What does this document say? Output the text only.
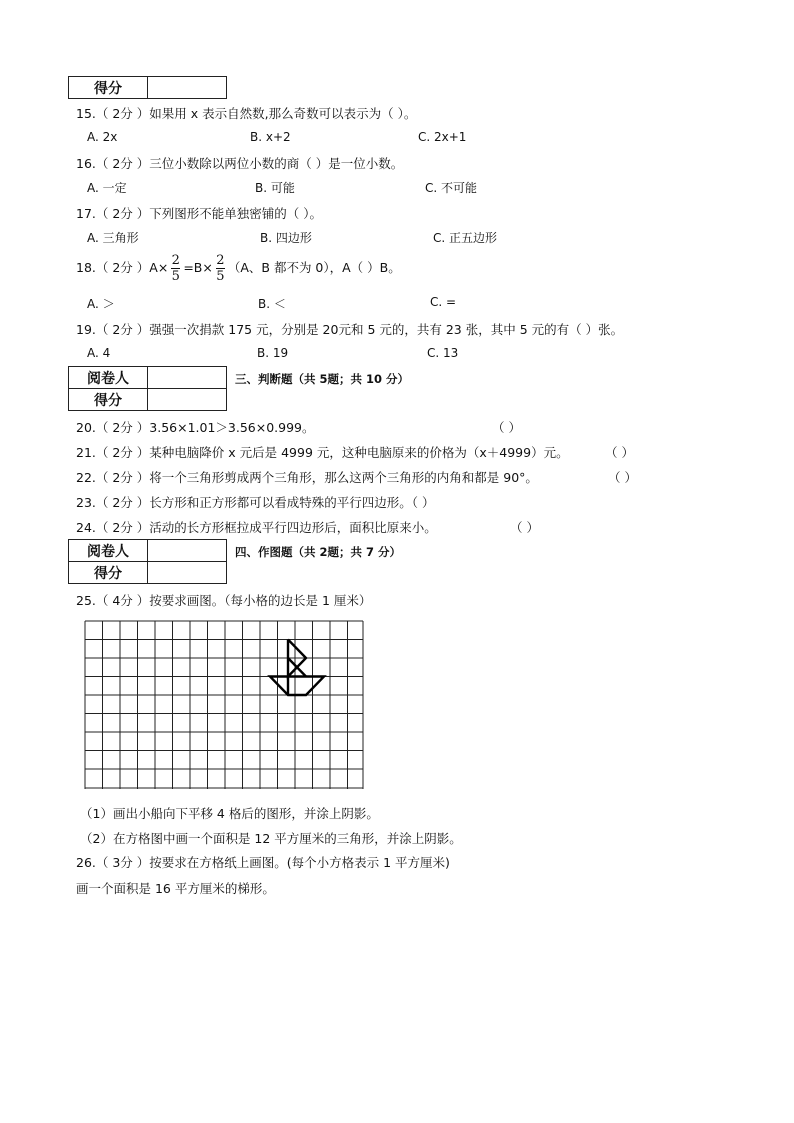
得分	
15.（ 2分 ）如果用 x 表示自然数,那么奇数可以表示为（ ）。
A. 2x	B. x+2	C. 2x+1
16.（ 2分 ）三位小数除以两位小数的商（ ）是一位小数。
A. 一定	B. 可能	C. 不可能
17.（ 2分 ）下列图形不能单独密铺的（ ）。
A. 三角形	B. 四边形	C. 正五边形
18.（ 2分 ）$A\times \frac{2}{5} =B\times \frac{2}{5} (A$、B 都不为 0），A（ ）B。
A. ＞	B. ＜	C. =
19.（ 2分 ）强强一次捐款 175 元，分别是 20元和 5 元的，共有 23 张，其中 5 元的有（ ）张。
A. 4	B. 19	C. 13
阅卷人	
得分	
三、判断题（共 5题；共 10 分）
20.（ 2分 ）3.56×1.01＞3.56×0.999。	（ ）
21.（ 2分 ）某种电脑降价 x 元后是 4999 元，这种电脑原来的价格为（x＋4999）元。	（ ）
22.（ 2分 ）将一个三角形剪成两个三角形，那么这两个三角形的内角和都是 90°。	（ ）
23.（ 2分 ）长方形和正方形都可以看成特殊的平行四边形。（ ）
24.（ 2分 ）活动的长方形框拉成平行四边形后，面积比原来小。	（ ）
阅卷人	
得分	
四、作图题（共 2题；共 7 分）
25.（ 4分 ）按要求画图。（每小格的边长是 1 厘米）
（1）画出小船向下平移 4 格后的图形，并涂上阴影。
（2）在方格图中画一个面积是 12 平方厘米的三角形，并涂上阴影。
26.（ 3分 ）按要求在方格纸上画图。(每个小方格表示 1 平方厘米)
画一个面积是 16 平方厘米的梯形。
